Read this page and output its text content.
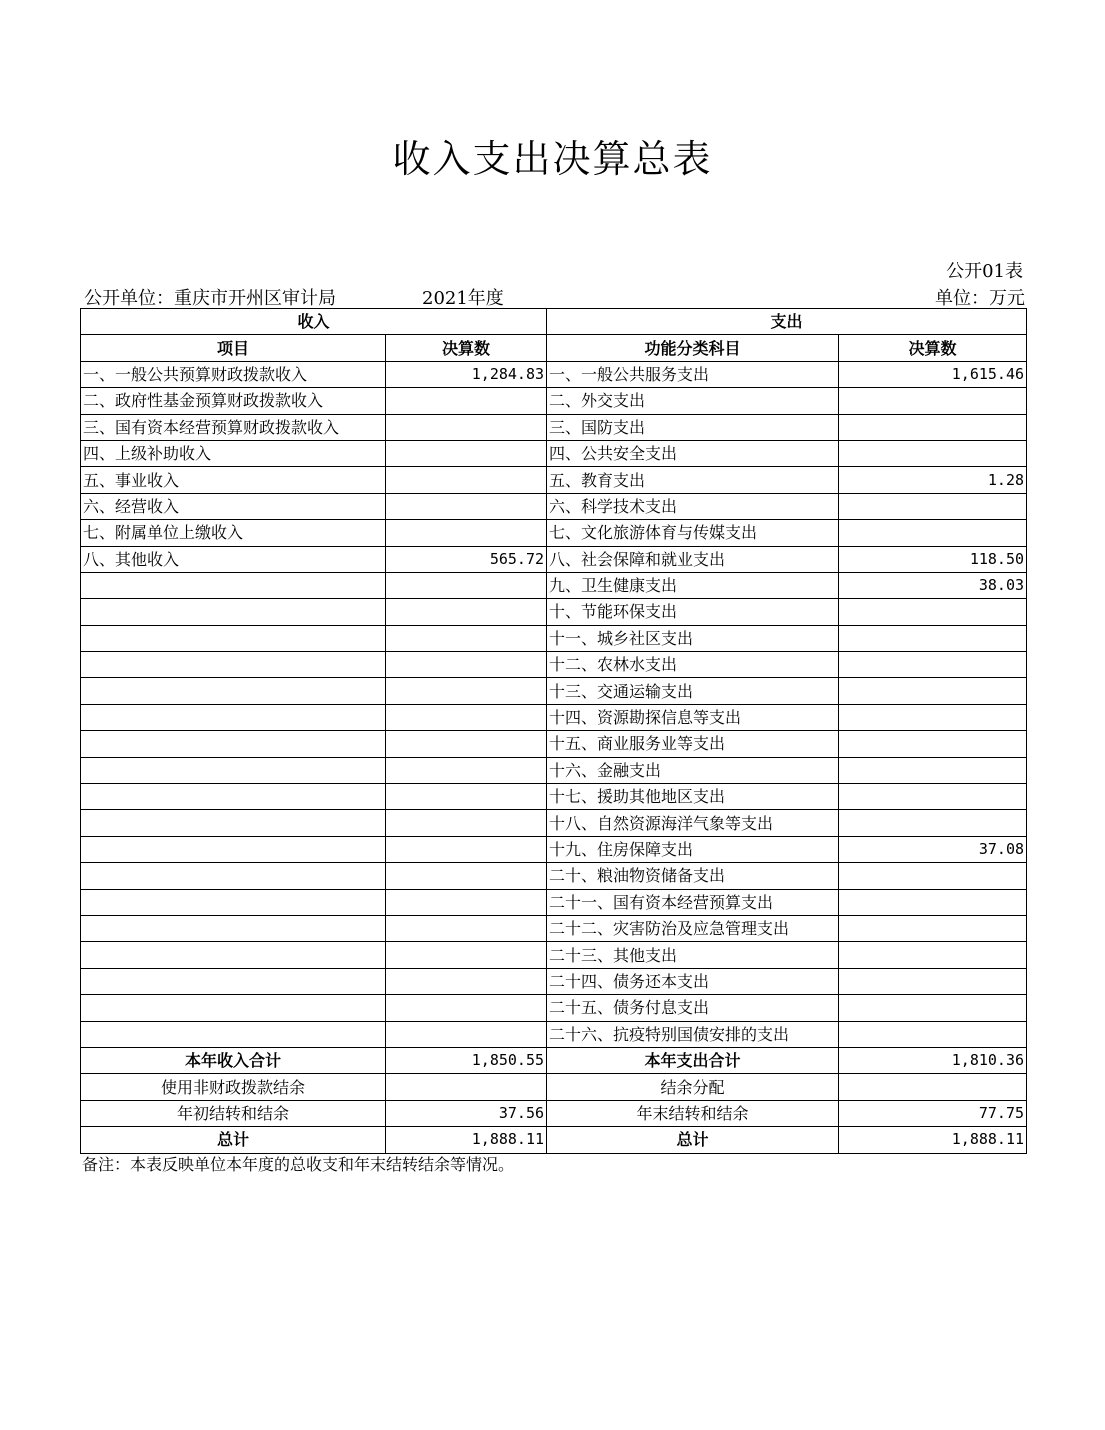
收入支出决算总表
公开01表
公开单位：重庆市开州区审计局	2021年度	单位：万元
收入		支出	
项目	决算数	功能分类科目	决算数
一、一般公共预算财政拨款收入	1,284.83	一、一般公共服务支出	1,615.46
二、政府性基金预算财政拨款收入		二、外交支出	
三、国有资本经营预算财政拨款收入		三、国防支出	
四、上级补助收入		四、公共安全支出	
五、事业收入		五、教育支出	1.28
六、经营收入		六、科学技术支出	
七、附属单位上缴收入		七、文化旅游体育与传媒支出	
八、其他收入	565.72	八、社会保障和就业支出	118.50
		九、卫生健康支出	38.03
		十、节能环保支出	
		十一、城乡社区支出	
		十二、农林水支出	
		十三、交通运输支出	
		十四、资源勘探信息等支出	
		十五、商业服务业等支出	
		十六、金融支出	
		十七、援助其他地区支出	
		十八、自然资源海洋气象等支出	
		十九、住房保障支出	37.08
		二十、粮油物资储备支出	
		二十一、国有资本经营预算支出	
		二十二、灾害防治及应急管理支出	
		二十三、其他支出	
		二十四、债务还本支出	
		二十五、债务付息支出	
		二十六、抗疫特别国债安排的支出	
本年收入合计	1,850.55	本年支出合计	1,810.36
使用非财政拨款结余		结余分配	
年初结转和结余	37.56	年末结转和结余	77.75
总计	1,888.11	总计	1,888.11
备注：本表反映单位本年度的总收支和年末结转结余等情况。
